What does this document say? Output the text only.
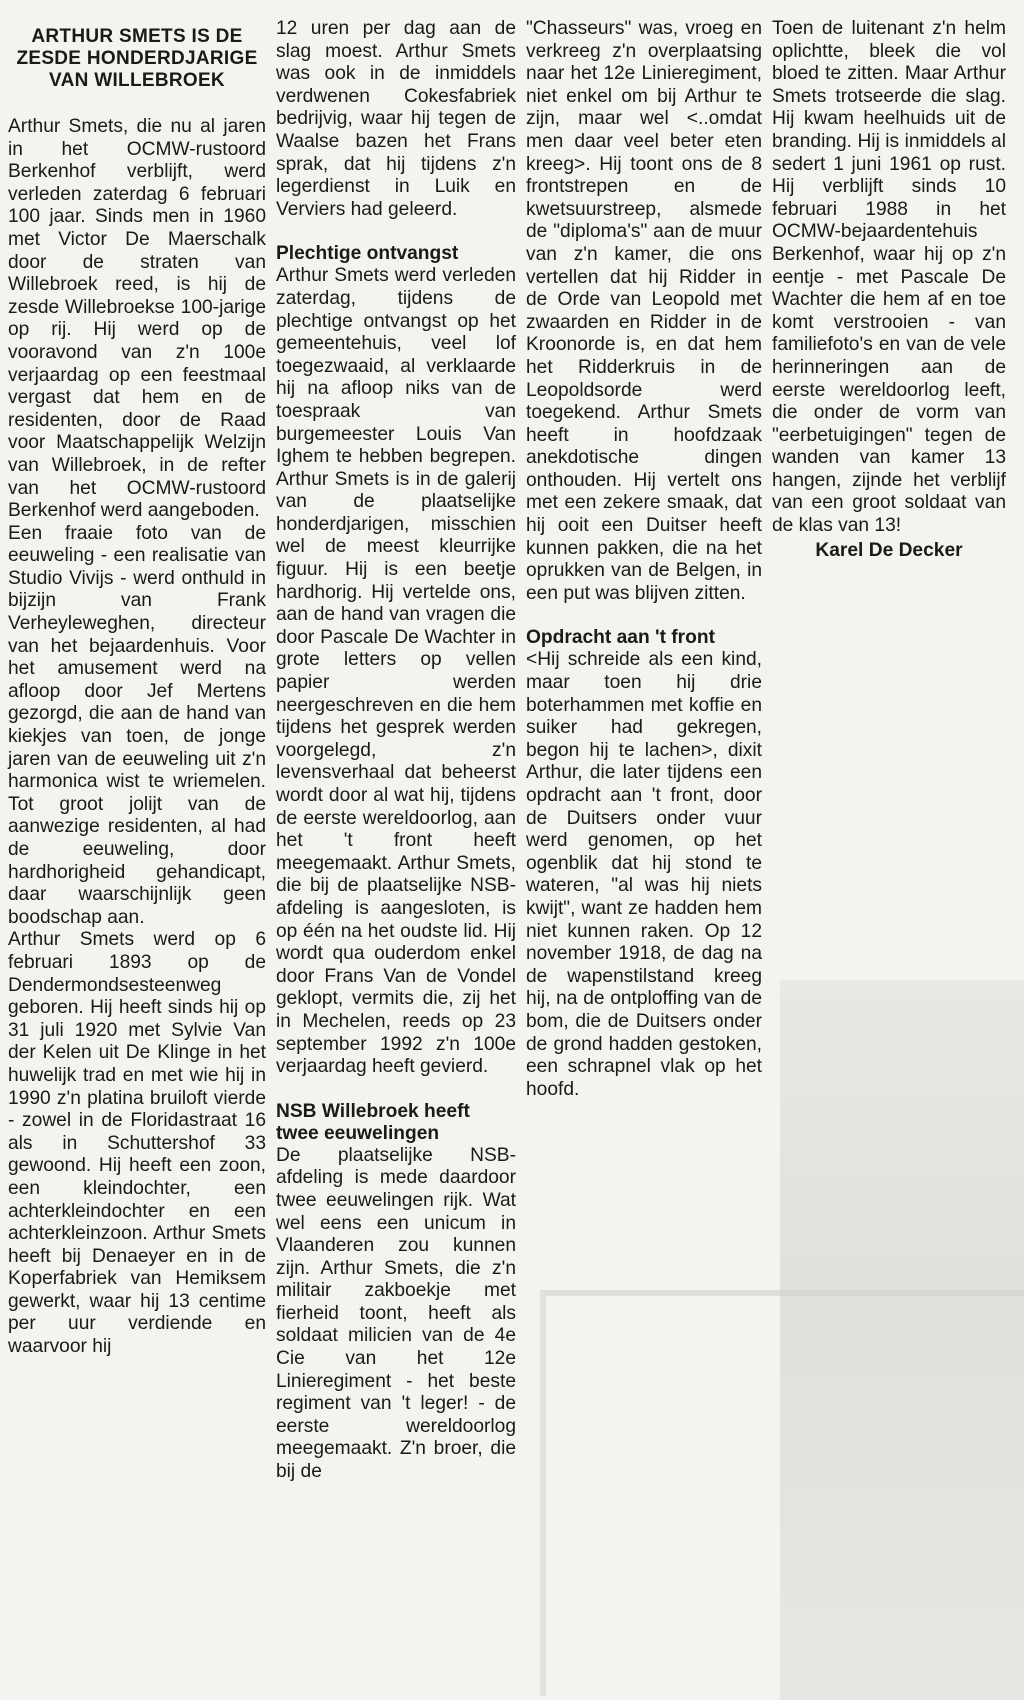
ARTHUR SMETS IS DE ZESDE HONDERDJARIGE VAN WILLEBROEK

Arthur Smets, die nu al jaren in het OCMW-rustoord Berkenhof verblijft, werd verleden zaterdag 6 februari 100 jaar. Sinds men in 1960 met Victor De Maerschalk door de straten van Willebroek reed, is hij de zesde Willebroekse 100-jarige op rij. Hij werd op de vooravond van z'n 100e verjaardag op een feestmaal vergast dat hem en de residenten, door de Raad voor Maatschappelijk Welzijn van Willebroek, in de refter van het OCMW-rustoord Berkenhof werd aangeboden.

Een fraaie foto van de eeuweling - een realisatie van Studio Vivijs - werd onthuld in bijzijn van Frank Verheyleweghen, directeur van het bejaardenhuis. Voor het amusement werd na afloop door Jef Mertens gezorgd, die aan de hand van kiekjes van toen, de jonge jaren van de eeuweling uit z'n harmonica wist te wriemelen. Tot groot jolijt van de aanwezige residenten, al had de eeuweling, door hardhorigheid gehandicapt, daar waarschijnlijk geen boodschap aan.

Arthur Smets werd op 6 februari 1893 op de Dendermondsesteenweg geboren. Hij heeft sinds hij op 31 juli 1920 met Sylvie Van der Kelen uit De Klinge in het huwelijk trad en met wie hij in 1990 z'n platina bruiloft vierde - zowel in de Floridastraat 16 als in Schuttershof 33 gewoond. Hij heeft een zoon, een kleindochter, een achterkleindochter en een achterkleinzoon. Arthur Smets heeft bij Denaeyer en in de Koperfabriek van Hemiksem gewerkt, waar hij 13 centime per uur verdiende en waarvoor hij

12 uren per dag aan de slag moest. Arthur Smets was ook in de inmiddels verdwenen Cokesfabriek bedrijvig, waar hij tegen de Waalse bazen het Frans sprak, dat hij tijdens z'n legerdienst in Luik en Verviers had geleerd.

Plechtige ontvangst

Arthur Smets werd verleden zaterdag, tijdens de plechtige ontvangst op het gemeentehuis, veel lof toegezwaaid, al verklaarde hij na afloop niks van de toespraak van burgemeester Louis Van Ighem te hebben begrepen. Arthur Smets is in de galerij van de plaatselijke honderdjarigen, misschien wel de meest kleurrijke figuur. Hij is een beetje hardhorig. Hij vertelde ons, aan de hand van vragen die door Pascale De Wachter in grote letters op vellen papier werden neergeschreven en die hem tijdens het gesprek werden voorgelegd, z'n levensverhaal dat beheerst wordt door al wat hij, tijdens de eerste wereldoorlog, aan het 't front heeft meegemaakt. Arthur Smets, die bij de plaatselijke NSB-afdeling is aangesloten, is op één na het oudste lid. Hij wordt qua ouderdom enkel door Frans Van de Vondel geklopt, vermits die, zij het in Mechelen, reeds op 23 september 1992 z'n 100e verjaardag heeft gevierd.

NSB Willebroek heeft twee eeuwelingen

De plaatselijke NSB-afdeling is mede daardoor twee eeuwelingen rijk. Wat wel eens een unicum in Vlaanderen zou kunnen zijn. Arthur Smets, die z'n militair zakboekje met fierheid toont, heeft als soldaat milicien van de 4e Cie van het 12e Linieregiment - het beste regiment van 't leger! - de eerste wereldoorlog meegemaakt. Z'n broer, die bij de

"Chasseurs" was, vroeg en verkreeg z'n overplaatsing naar het 12e Linieregiment, niet enkel om bij Arthur te zijn, maar wel <..omdat men daar veel beter eten kreeg>. Hij toont ons de 8 frontstrepen en de kwetsuurstreep, alsmede de "diploma's" aan de muur van z'n kamer, die ons vertellen dat hij Ridder in de Orde van Leopold met zwaarden en Ridder in de Kroonorde is, en dat hem het Ridderkruis in de Leopoldsorde werd toegekend. Arthur Smets heeft in hoofdzaak anekdotische dingen onthouden. Hij vertelt ons met een zekere smaak, dat hij ooit een Duitser heeft kunnen pakken, die na het oprukken van de Belgen, in een put was blijven zitten.

Opdracht aan 't front

<Hij schreide als een kind, maar toen hij drie boterhammen met koffie en suiker had gekregen, begon hij te lachen>, dixit Arthur, die later tijdens een opdracht aan 't front, door de Duitsers onder vuur werd genomen, op het ogenblik dat hij stond te wateren, "al was hij niets kwijt", want ze hadden hem niet kunnen raken. Op 12 november 1918, de dag na de wapenstilstand kreeg hij, na de ontploffing van de bom, die de Duitsers onder de grond hadden gestoken, een schrapnel vlak op het hoofd.

Toen de luitenant z'n helm oplichtte, bleek die vol bloed te zitten. Maar Arthur Smets trotseerde die slag. Hij kwam heelhuids uit de branding. Hij is inmiddels al sedert 1 juni 1961 op rust. Hij verblijft sinds 10 februari 1988 in het OCMW-bejaardentehuis Berkenhof, waar hij op z'n eentje - met Pascale De Wachter die hem af en toe komt verstrooien - van familiefoto's en van de vele herinneringen aan de eerste wereldoorlog leeft, die onder de vorm van "eerbetuigingen" tegen de wanden van kamer 13 hangen, zijnde het verblijf van een groot soldaat van de klas van 13!

Karel De Decker
